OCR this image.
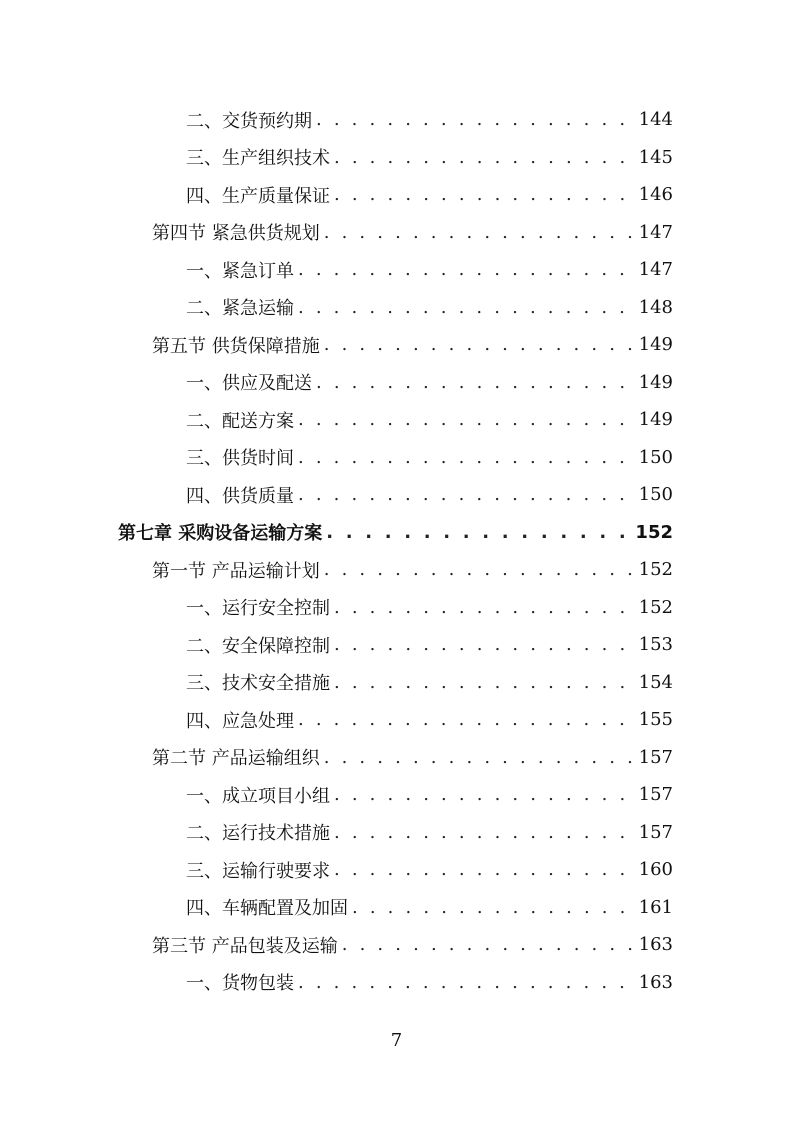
二、交货预约期 . . .	144
三、生产组织技术 . . .	145
四、生产质量保证 . . .	146
第四节 紧急供货规划 . . .	147
一、紧急订单 . . .	147
二、紧急运输 . . .	148
第五节 供货保障措施 . . .	149
一、供应及配送 . . .	149
二、配送方案 . . .	149
三、供货时间 . . .	150
四、供货质量 . . .	150
第七章 采购设备运输方案 . . .	152
第一节 产品运输计划 . . .	152
一、运行安全控制 . . .	152
二、安全保障控制 . . .	153
三、技术安全措施 . . .	154
四、应急处理 . . .	155
第二节 产品运输组织 . . .	157
一、成立项目小组 . . .	157
二、运行技术措施 . . .	157
三、运输行驶要求 . . .	160
四、车辆配置及加固 . . .	161
第三节 产品包装及运输 . . .	163
一、货物包装 . . .	163
7
